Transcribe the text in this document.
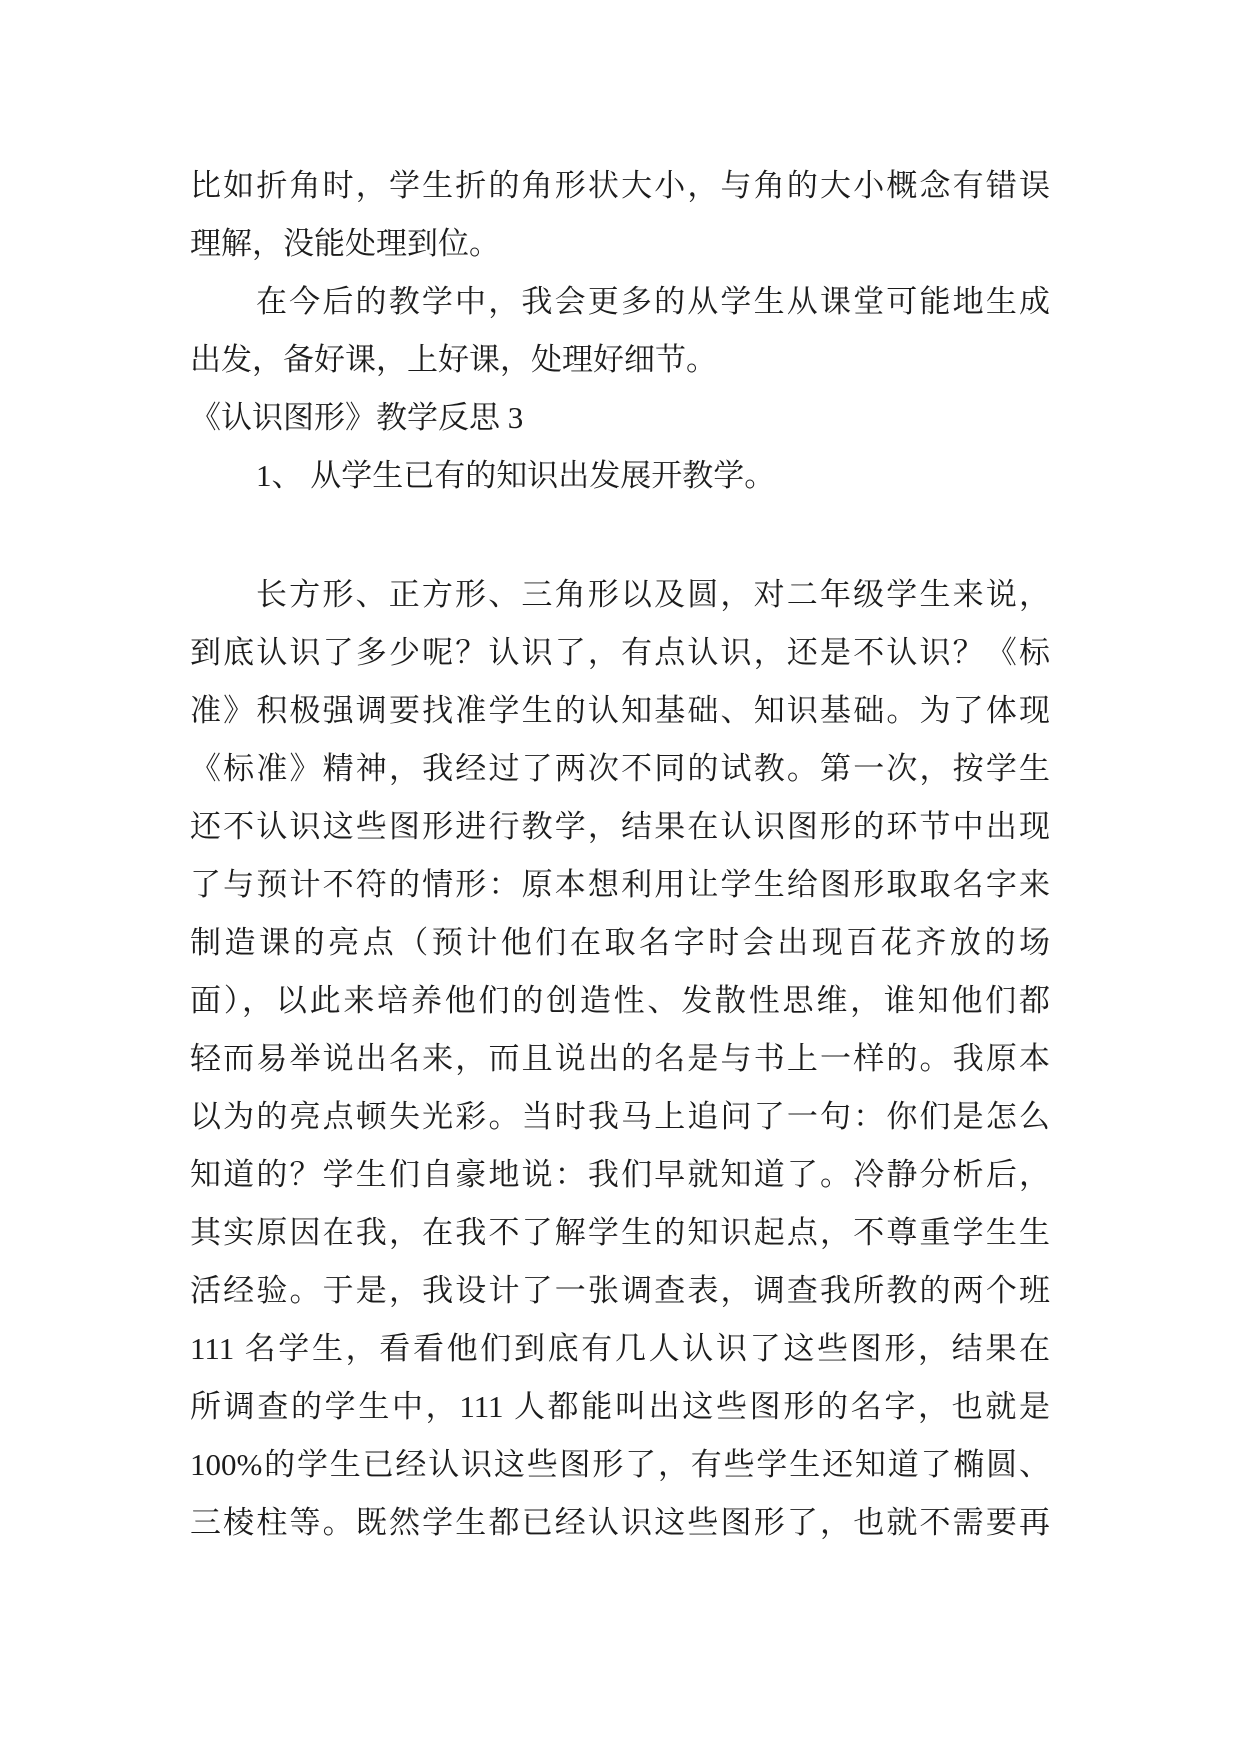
比如折角时，学生折的角形状大小，与角的大小概念有错误
理解，没能处理到位。
在今后的教学中，我会更多的从学生从课堂可能地生成
出发，备好课，上好课，处理好细节。
《认识图形》教学反思 3
1、 从学生已有的知识出发展开教学。
长方形、正方形、三角形以及圆，对二年级学生来说，
到底认识了多少呢？认识了，有点认识，还是不认识？《标
准》积极强调要找准学生的认知基础、知识基础。为了体现
《标准》精神，我经过了两次不同的试教。第一次，按学生
还不认识这些图形进行教学，结果在认识图形的环节中出现
了与预计不符的情形：原本想利用让学生给图形取取名字来
制造课的亮点（预计他们在取名字时会出现百花齐放的场
面），以此来培养他们的创造性、发散性思维，谁知他们都
轻而易举说出名来，而且说出的名是与书上一样的。我原本
以为的亮点顿失光彩。当时我马上追问了一句：你们是怎么
知道的？学生们自豪地说：我们早就知道了。冷静分析后，
其实原因在我，在我不了解学生的知识起点，不尊重学生生
活经验。于是，我设计了一张调查表，调查我所教的两个班
111 名学生，看看他们到底有几人认识了这些图形，结果在
所调查的学生中，111 人都能叫出这些图形的名字，也就是
100%的学生已经认识这些图形了，有些学生还知道了椭圆、
三棱柱等。既然学生都已经认识这些图形了，也就不需要再
